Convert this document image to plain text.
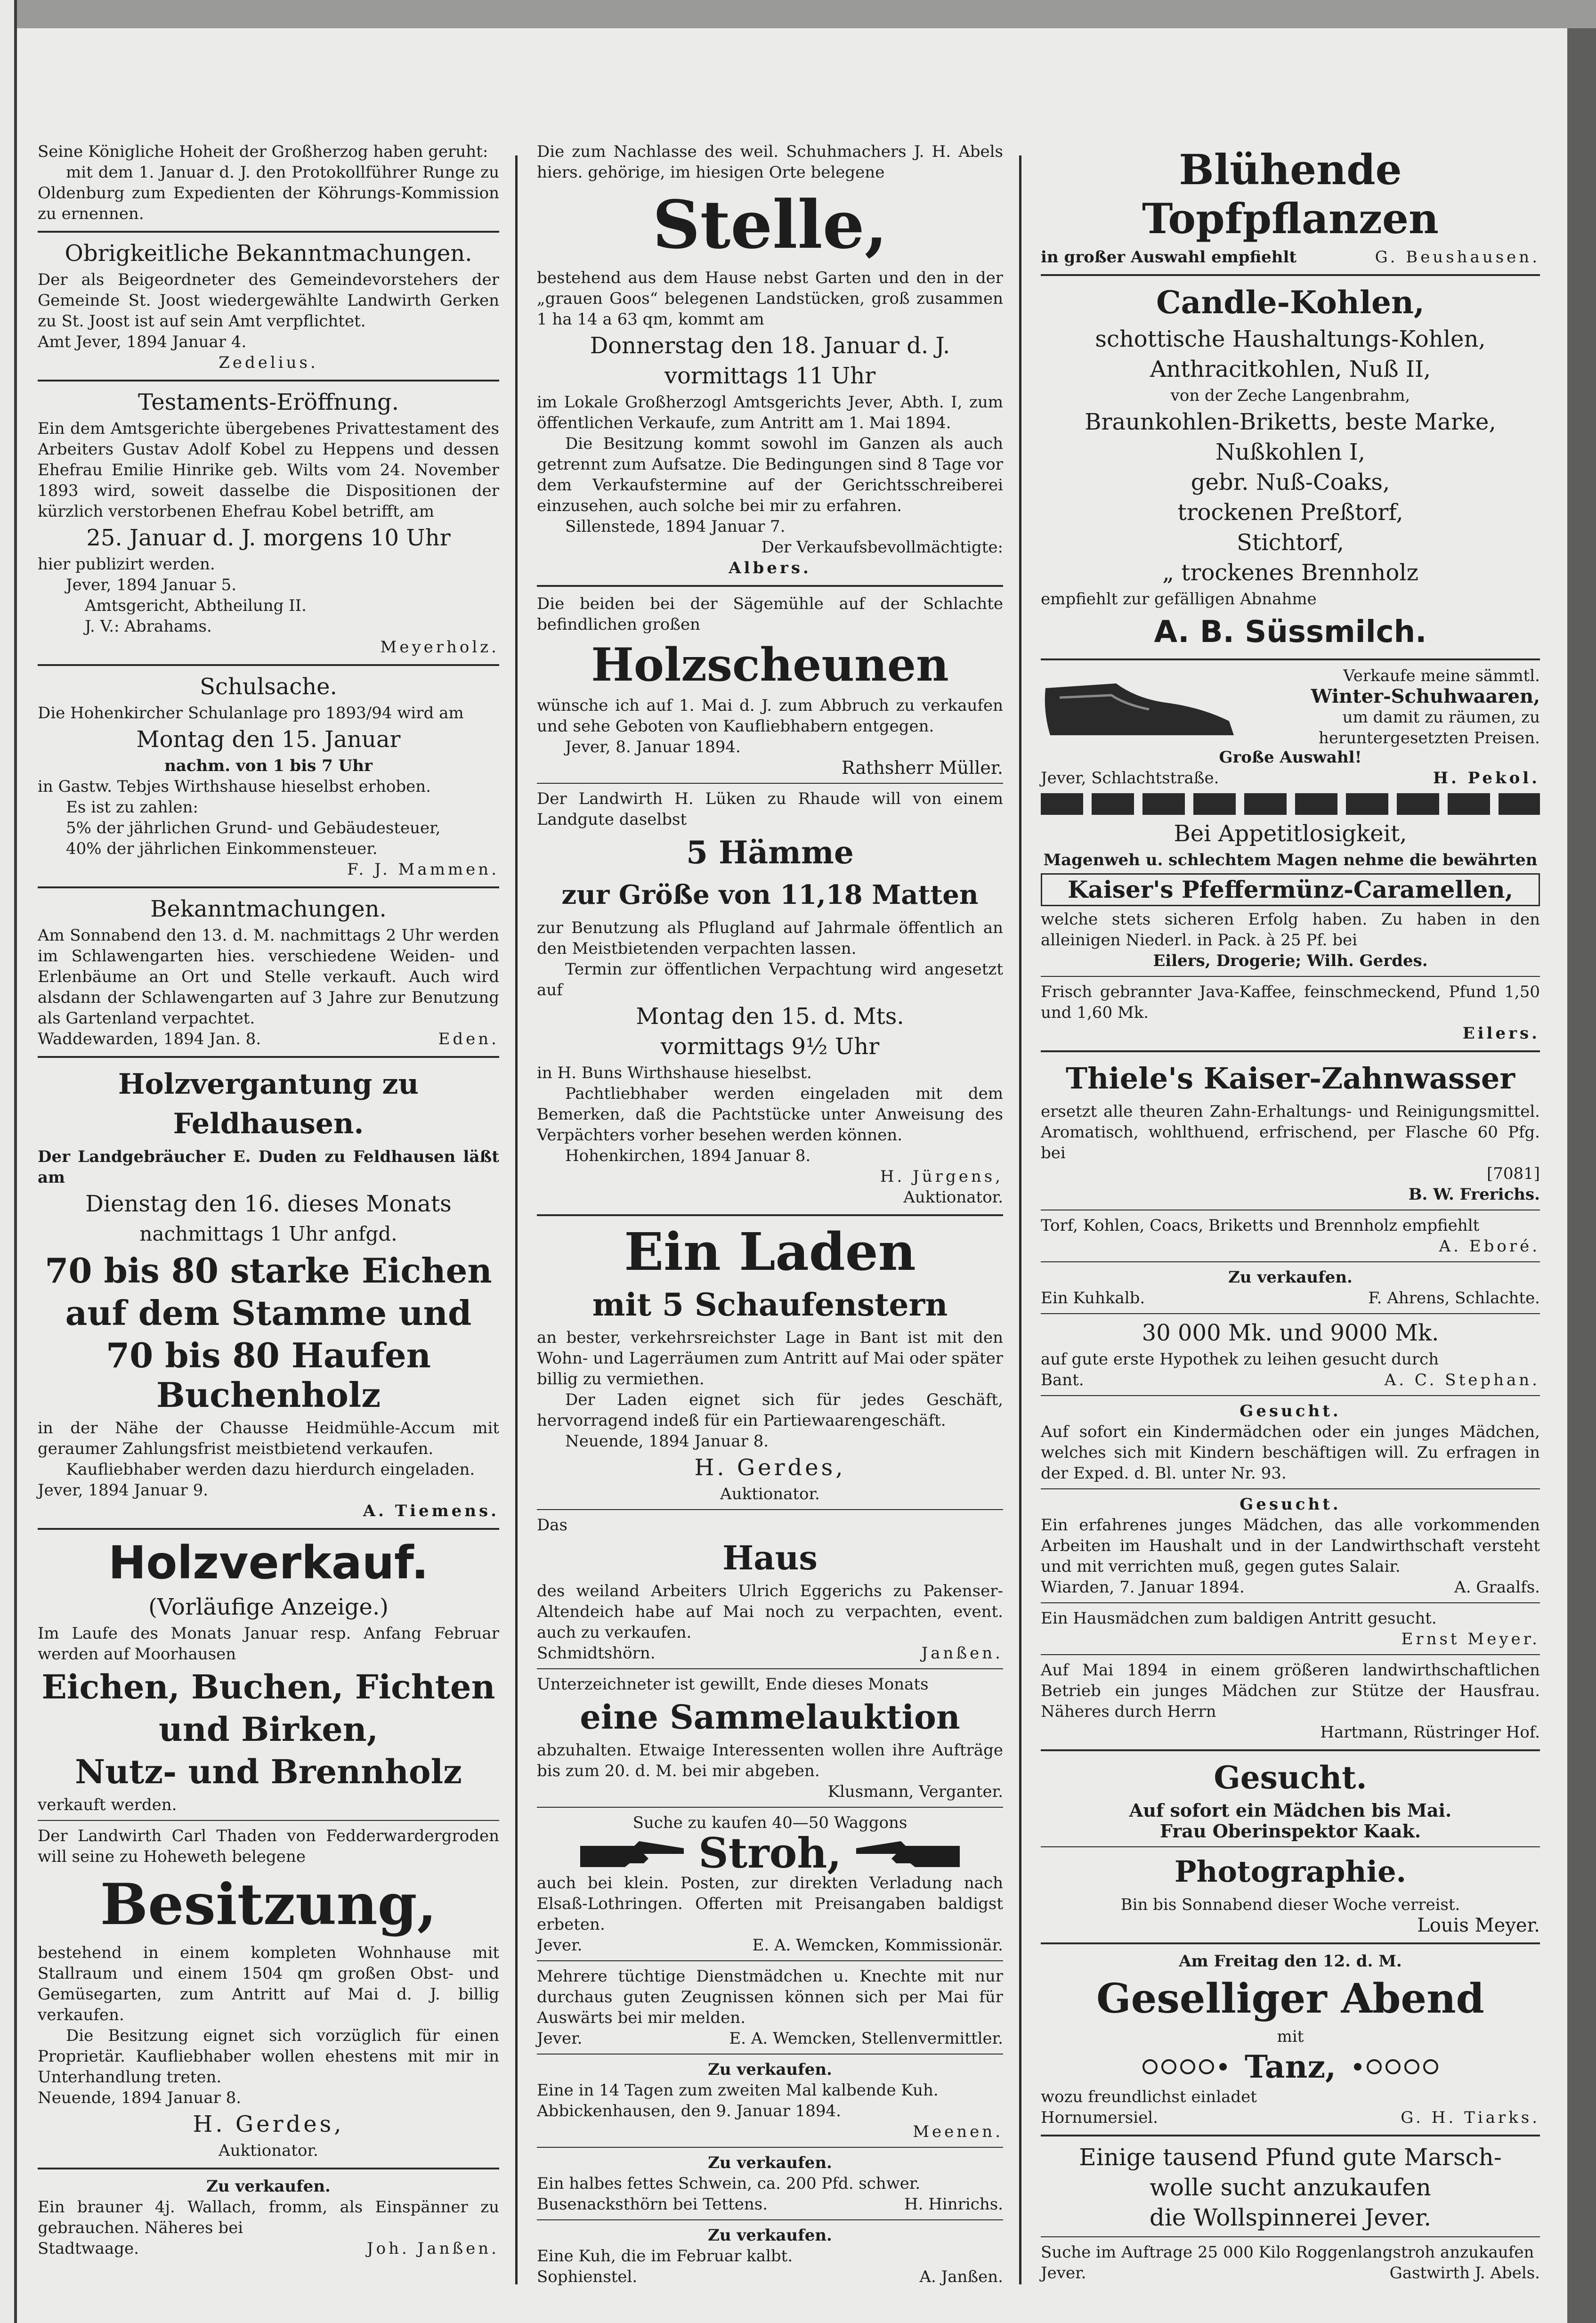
Seine Königliche Hoheit der Großherzog haben geruht:

mit dem 1. Januar d. J. den Protokollführer Runge zu Oldenburg zum Expedienten der Köhrungs-Kommission zu ernennen.

Obrigkeitliche Bekanntmachungen.

Der als Beigeordneter des Gemeindevorstehers der Gemeinde St. Joost wiedergewählte Landwirth Gerken zu St. Joost ist auf sein Amt verpflichtet.

Amt Jever, 1894 Januar 4.

Zedelius.

Testaments-Eröffnung.

Ein dem Amtsgerichte übergebenes Privattestament des Arbeiters Gustav Adolf Kobel zu Heppens und dessen Ehefrau Emilie Hinrike geb. Wilts vom 24. November 1893 wird, soweit dasselbe die Dispositionen der kürzlich verstorbenen Ehefrau Kobel betrifft, am

25. Januar d. J. morgens 10 Uhr

hier publizirt werden.

Jever, 1894 Januar 5.

Amtsgericht, Abtheilung II.

J. V.: Abrahams.

Meyerholz.

Schulsache.

Die Hohenkircher Schulanlage pro 1893/94 wird am

Montag den 15. Januar

nachm. von 1 bis 7 Uhr

in Gastw. Tebjes Wirthshause hieselbst erhoben.

Es ist zu zahlen:

5% der jährlichen Grund- und Gebäudesteuer,

40% der jährlichen Einkommensteuer.

F. J. Mammen.

Bekanntmachungen.

Am Sonnabend den 13. d. M. nachmittags 2 Uhr werden im Schlawengarten hies. verschiedene Weiden- und Erlenbäume an Ort und Stelle verkauft. Auch wird alsdann der Schlawengarten auf 3 Jahre zur Benutzung als Gartenland verpachtet.

Waddewarden, 1894 Jan. 8.	Eden.

Holzvergantung zu Feldhausen.

Der Landgebräucher E. Duden zu Feldhausen läßt am

Dienstag den 16. dieses Monats

nachmittags 1 Uhr anfgd.

70 bis 80 starke Eichen

auf dem Stamme und

70 bis 80 Haufen Buchenholz

in der Nähe der Chausse Heidmühle-Accum mit geraumer Zahlungsfrist meistbietend verkaufen.

Kaufliebhaber werden dazu hierdurch eingeladen.

Jever, 1894 Januar 9.

A. Tiemens.

Holzverkauf.

(Vorläufige Anzeige.)

Im Laufe des Monats Januar resp. Anfang Februar werden auf Moorhausen

Eichen, Buchen, Fichten

und Birken,

Nutz- und Brennholz

verkauft werden.

Der Landwirth Carl Thaden von Fedderwardergroden will seine zu Hoheweth belegene

Besitzung,

bestehend in einem kompleten Wohnhause mit Stallraum und einem 1504 qm großen Obst- und Gemüsegarten, zum Antritt auf Mai d. J. billig verkaufen.

Die Besitzung eignet sich vorzüglich für einen Proprietär. Kaufliebhaber wollen ehestens mit mir in Unterhandlung treten.

Neuende, 1894 Januar 8.

H. Gerdes,

Auktionator.

Zu verkaufen.

Ein brauner 4j. Wallach, fromm, als Einspänner zu gebrauchen. Näheres bei

Stadtwaage.	Joh. Janßen.

Die zum Nachlasse des weil. Schuhmachers J. H. Abels hiers. gehörige, im hiesigen Orte belegene

Stelle,

bestehend aus dem Hause nebst Garten und den in der „grauen Goos“ belegenen Landstücken, groß zusammen 1 ha 14 a 63 qm, kommt am

Donnerstag den 18. Januar d. J.

vormittags 11 Uhr

im Lokale Großherzogl Amtsgerichts Jever, Abth. I, zum öffentlichen Verkaufe, zum Antritt am 1. Mai 1894.

Die Besitzung kommt sowohl im Ganzen als auch getrennt zum Aufsatze. Die Bedingungen sind 8 Tage vor dem Verkaufstermine auf der Gerichtsschreiberei einzusehen, auch solche bei mir zu erfahren.

Sillenstede, 1894 Januar 7.

Der Verkaufsbevollmächtigte:

Albers.

Die beiden bei der Sägemühle auf der Schlachte befindlichen großen

Holzscheunen

wünsche ich auf 1. Mai d. J. zum Abbruch zu verkaufen und sehe Geboten von Kaufliebhabern entgegen.

Jever, 8. Januar 1894.

Rathsherr Müller.

Der Landwirth H. Lüken zu Rhaude will von einem Landgute daselbst

5 Hämme

zur Größe von 11,18 Matten

zur Benutzung als Pflugland auf Jahrmale öffentlich an den Meistbietenden verpachten lassen.

Termin zur öffentlichen Verpachtung wird angesetzt auf

Montag den 15. d. Mts.

vormittags 9½ Uhr

in H. Buns Wirthshause hieselbst.

Pachtliebhaber werden eingeladen mit dem Bemerken, daß die Pachtstücke unter Anweisung des Verpächters vorher besehen werden können.

Hohenkirchen, 1894 Januar 8.

H. Jürgens,

Auktionator.

Ein Laden

mit 5 Schaufenstern

an bester, verkehrsreichster Lage in Bant ist mit den Wohn- und Lagerräumen zum Antritt auf Mai oder später billig zu vermiethen.

Der Laden eignet sich für jedes Geschäft, hervorragend indeß für ein Partiewaarengeschäft.

Neuende, 1894 Januar 8.

H. Gerdes,

Auktionator.

Das

Haus

des weiland Arbeiters Ulrich Eggerichs zu Pakenser-Altendeich habe auf Mai noch zu verpachten, event. auch zu verkaufen.

Schmidtshörn.	Janßen.

Unterzeichneter ist gewillt, Ende dieses Monats

eine Sammelauktion

abzuhalten. Etwaige Interessenten wollen ihre Aufträge bis zum 20. d. M. bei mir abgeben.

Klusmann, Verganter.

Suche zu kaufen 40—50 Waggons

Stroh,

auch bei klein. Posten, zur direkten Verladung nach Elsaß-Lothringen. Offerten mit Preisangaben baldigst erbeten.

Jever.	E. A. Wemcken, Kommissionär.

Mehrere tüchtige Dienstmädchen u. Knechte mit nur durchaus guten Zeugnissen können sich per Mai für Auswärts bei mir melden.

Jever.	E. A. Wemcken, Stellenvermittler.

Zu verkaufen.

Eine in 14 Tagen zum zweiten Mal kalbende Kuh.

Abbickenhausen, den 9. Januar 1894.

Meenen.

Zu verkaufen.

Ein halbes fettes Schwein, ca. 200 Pfd. schwer.

Busenacksthörn bei Tettens.	H. Hinrichs.

Zu verkaufen.

Eine Kuh, die im Februar kalbt.

Sophienstel.	A. Janßen.

Blühende Topfpflanzen

in großer Auswahl empfiehlt	G. Beushausen.

Candle-Kohlen,

schottische Haushaltungs-Kohlen,

Anthracitkohlen, Nuß II,

von der Zeche Langenbrahm,

Braunkohlen-Briketts, beste Marke,

Nußkohlen I,

gebr. Nuß-Coaks,

trockenen Preßtorf,

Stichtorf,

„ trockenes Brennholz

empfiehlt zur gefälligen Abnahme

A. B. Süssmilch.

Verkaufe meine sämmtl.

Winter-Schuhwaaren,

um damit zu räumen, zu

heruntergesetzten Preisen.

Große Auswahl!

Jever, Schlachtstraße.	H. Pekol.

Bei Appetitlosigkeit,

Magenweh u. schlechtem Magen nehme die bewährten

Kaiser's Pfeffermünz-Caramellen,

welche stets sicheren Erfolg haben. Zu haben in den alleinigen Niederl. in Pack. à 25 Pf. bei

Eilers, Drogerie; Wilh. Gerdes.

Frisch gebrannter Java-Kaffee, feinschmeckend, Pfund 1,50 und 1,60 Mk.

Eilers.

Thiele's Kaiser-Zahnwasser

ersetzt alle theuren Zahn-Erhaltungs- und Reinigungsmittel. Aromatisch, wohlthuend, erfrischend, per Flasche 60 Pfg. bei

[7081]

B. W. Frerichs.

Torf, Kohlen, Coacs, Briketts und Brennholz empfiehlt

A. Eboré.

Zu verkaufen.

Ein Kuhkalb.	F. Ahrens, Schlachte.

30 000 Mk. und 9000 Mk.

auf gute erste Hypothek zu leihen gesucht durch

Bant.	A. C. Stephan.

Gesucht.

Auf sofort ein Kindermädchen oder ein junges Mädchen, welches sich mit Kindern beschäftigen will. Zu erfragen in der Exped. d. Bl. unter Nr. 93.

Gesucht.

Ein erfahrenes junges Mädchen, das alle vorkommenden Arbeiten im Haushalt und in der Landwirthschaft versteht und mit verrichten muß, gegen gutes Salair.

Wiarden, 7. Januar 1894.	A. Graalfs.

Ein Hausmädchen zum baldigen Antritt gesucht.

Ernst Meyer.

Auf Mai 1894 in einem größeren landwirthschaftlichen Betrieb ein junges Mädchen zur Stütze der Hausfrau. Näheres durch Herrn

Hartmann, Rüstringer Hof.

Gesucht.

Auf sofort ein Mädchen bis Mai.

Frau Oberinspektor Kaak.

Photographie.

Bin bis Sonnabend dieser Woche verreist.

Louis Meyer.

Am Freitag den 12. d. M.

Geselliger Abend

mit

Tanz,

wozu freundlichst einladet

Hornumersiel.	G. H. Tiarks.

Einige tausend Pfund gute Marsch-

wolle sucht anzukaufen

die Wollspinnerei Jever.

Suche im Auftrage 25 000 Kilo Roggenlangstroh anzukaufen

Jever.	Gastwirth J. Abels.
